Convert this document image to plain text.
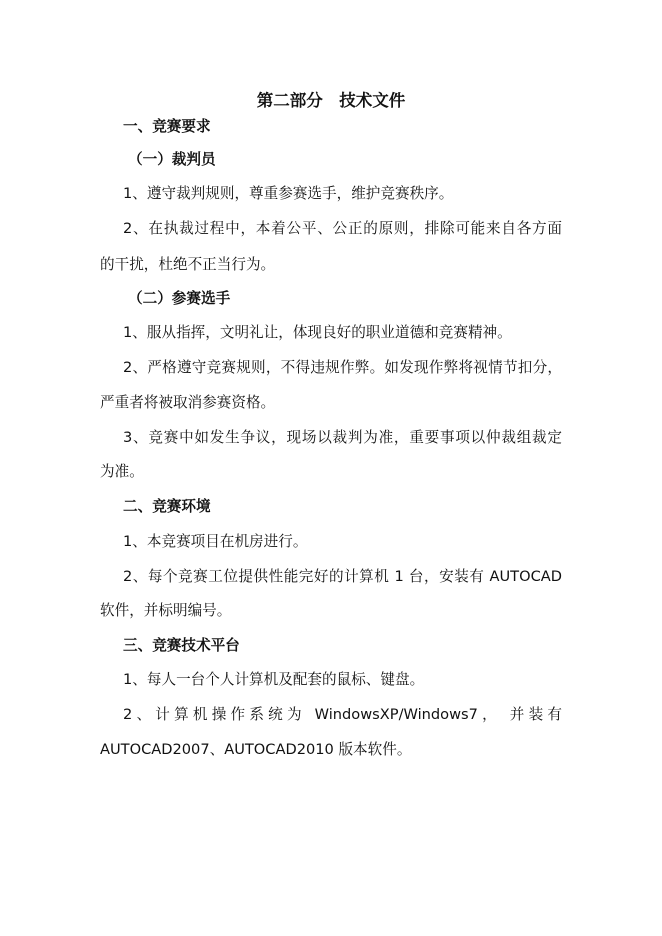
第二部分　技术文件
一、竞赛要求
（一）裁判员
1、遵守裁判规则，尊重参赛选手，维护竞赛秩序。
2、在执裁过程中，本着公平、公正的原则，排除可能来自各方面
的干扰，杜绝不正当行为。
（二）参赛选手
1、服从指挥，文明礼让，体现良好的职业道德和竞赛精神。
2、严格遵守竞赛规则，不得违规作弊。如发现作弊将视情节扣分，
严重者将被取消参赛资格。
3、竞赛中如发生争议，现场以裁判为准，重要事项以仲裁组裁定
为准。
二、竞赛环境
1、本竞赛项目在机房进行。
2、每个竞赛工位提供性能完好的计算机 1 台，安装有 AUTOCAD
软件，并标明编号。
三、竞赛技术平台
1、每人一台个人计算机及配套的鼠标、键盘。
2、计算机操作系统为 WindowsXP/Windows7， 并装有
AUTOCAD2007、AUTOCAD2010 版本软件。
